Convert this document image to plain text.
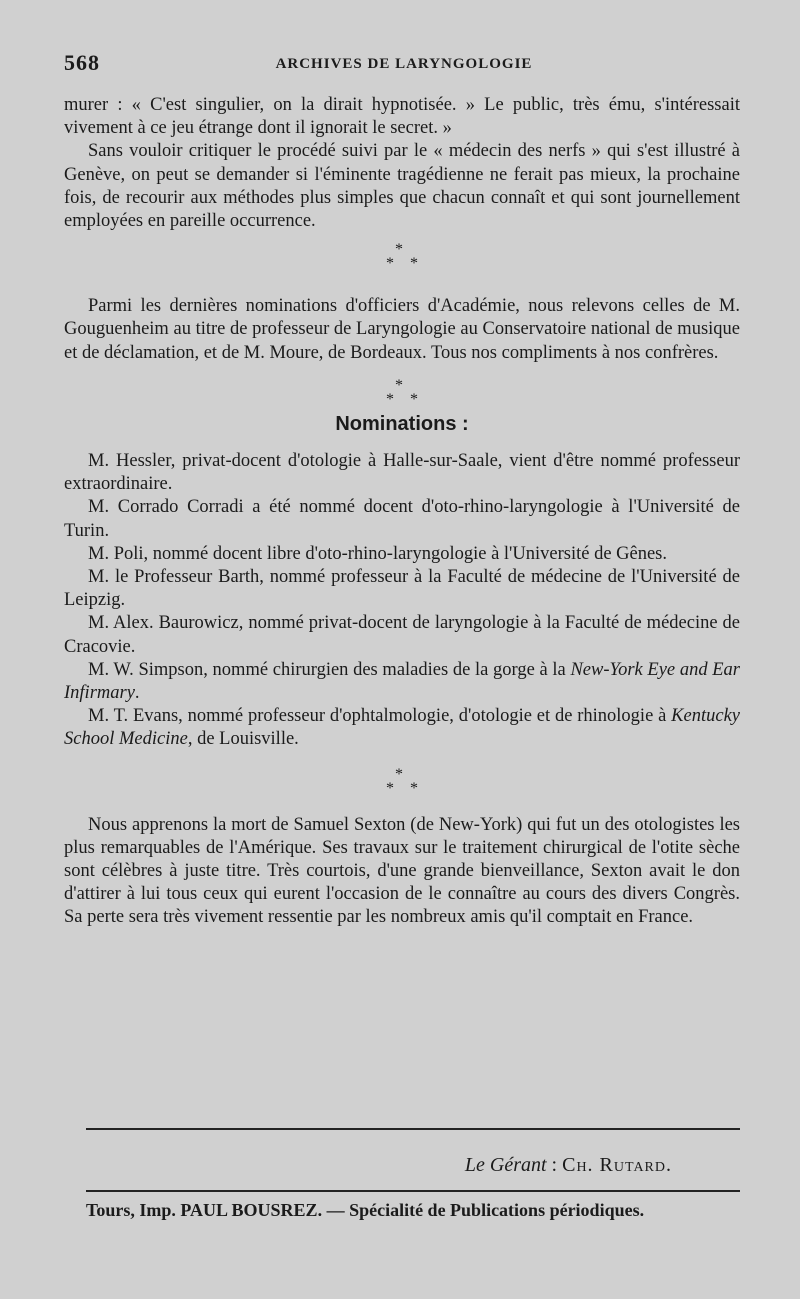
568	ARCHIVES DE LARYNGOLOGIE

murer : « C'est singulier, on la dirait hypnotisée. » Le public, très ému, s'intéressait vivement à ce jeu étrange dont il ignorait le secret. »

Sans vouloir critiquer le procédé suivi par le « médecin des nerfs » qui s'est illustré à Genève, on peut se demander si l'éminente tragédienne ne ferait pas mieux, la prochaine fois, de recourir aux méthodes plus simples que chacun connaît et qui sont journellement employées en pareille occurrence.

*
* *

Parmi les dernières nominations d'officiers d'Académie, nous relevons celles de M. Gouguenheim au titre de professeur de Laryngologie au Conservatoire national de musique et de déclamation, et de M. Moure, de Bordeaux. Tous nos compliments à nos confrères.

*
* *
Nominations :

M. Hessler, privat-docent d'otologie à Halle-sur-Saale, vient d'être nommé professeur extraordinaire.

M. Corrado Corradi a été nommé docent d'oto-rhino-laryngologie à l'Université de Turin.

M. Poli, nommé docent libre d'oto-rhino-laryngologie à l'Université de Gênes.

M. le Professeur Barth, nommé professeur à la Faculté de médecine de l'Université de Leipzig.

M. Alex. Baurowicz, nommé privat-docent de laryngologie à la Faculté de médecine de Cracovie.

M. W. Simpson, nommé chirurgien des maladies de la gorge à la New-York Eye and Ear Infirmary.

M. T. Evans, nommé professeur d'ophtalmologie, d'otologie et de rhinologie à Kentucky School Medicine, de Louisville.

*
* *

Nous apprenons la mort de Samuel Sexton (de New-York) qui fut un des otologistes les plus remarquables de l'Amérique. Ses travaux sur le traitement chirurgical de l'otite sèche sont célèbres à juste titre. Très courtois, d'une grande bienveillance, Sexton avait le don d'attirer à lui tous ceux qui eurent l'occasion de le connaître au cours des divers Congrès. Sa perte sera très vivement ressentie par les nombreux amis qu'il comptait en France.

Le Gérant : Ch. Rutard.
Tours, Imp. PAUL BOUSREZ. — Spécialité de Publications périodiques.
